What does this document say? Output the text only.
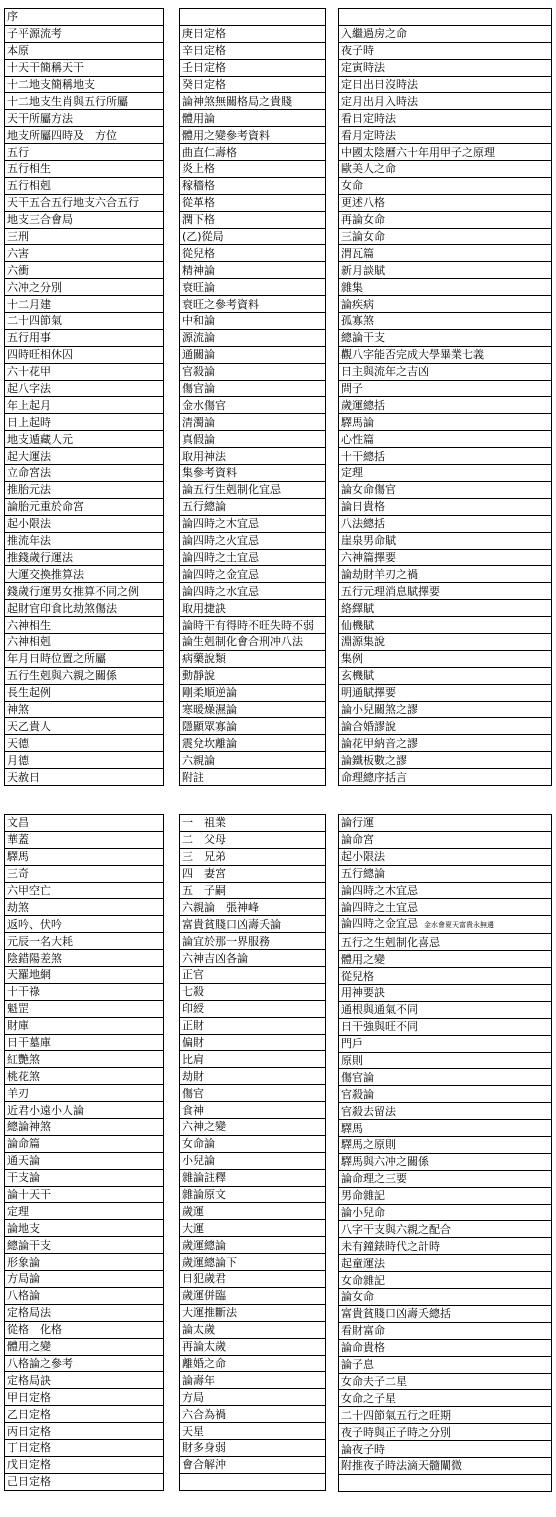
序
子平源流考
本原
十天干簡稱天干
十二地支簡稱地支
十二地支生肖與五行所屬
天干所屬方法
地支所屬四時及　方位
五行
五行相生
五行相剋
天干五合五行地支六合五行
地支三合會局
三刑
六害
六衝
六冲之分別
十二月建
二十四節氣
五行用事
四時旺相休囚
六十花甲
起八字法
年上起月
日上起時
地支遁藏人元
起大運法
立命宮法
推胎元法
論胎元重於命宮
起小限法
推流年法
推錢歲行運法
大運交換推算法
錢歲行運男女推算不同之例
起財官印食比劫煞傷法
六神相生
六神相剋
年月日時位置之所屬
五行生剋與六親之關係
長生起例
神煞
天乙貴人
天德
月德
天赦日

庚日定格
辛日定格
壬日定格
癸日定格
論神煞無關格局之貴賤
體用論
體用之變參考資料
曲直仁壽格
炎上格
稼穡格
從革格
潤下格
(乙)從局
從兒格
精神論
衰旺論
衰旺之參考資料
中和論
源流論
通關論
官殺論
傷官論
金水傷官
清濁論
真假論
取用神法
集參考資料
論五行生剋制化宜忌
五行總論
論四時之木宜忌
論四時之火宜忌
論四時之土宜忌
論四時之金宜忌
論四時之水宜忌
取用捷訣
論時干有得時不旺失時不弱
論生剋制化會合刑冲八法
病藥說類
動靜說
剛柔順逆論
寒暖燥濕論
隱顯眾寡論
震兌坎離論
六親論
附註

入繼過房之命
夜子時
定寅時法
定日出日沒時法
定月出月入時法
看日定時法
看月定時法
中國太陰曆六十年用甲子之原理
歐美人之命
女命
更述八格
再論女命
三論女命
渭瓦篇
新月談賦
雜集
論疾病
孤寡煞
總論干支
觀八字能否完成大學畢業七義
日主與流年之吉凶
問子
歲運總括
驛馬論
心性篇
十干總括
定理
論女命傷官
論日貴格
八法總括
崖泉男命賦
六神篇擇要
論劫財羊刃之禍
五行元理消息賦擇要
絡繹賦
仙機賦
淵源集說
集例
玄機賦
明通賦擇要
論小兒關煞之謬
論合婚謬說
論花甲納音之謬
論鐵板數之謬
命理總序括言
文昌
華蓋
驛馬
三奇
六甲空亡
劫煞
返吟、伏吟
元辰一名大耗
陰錯陽差煞
天羅地網
十干祿
魁罡
財庫
日干墓庫
紅艷煞
桃花煞
羊刃
近君小遠小人論
總論神煞
論命篇
通天論
干支論
論十天干
定理
論地支
總論干支
形象論
方局論
八格論
定格局法
從格　化格
體用之變
八格論之參考
定格局訣
甲日定格
乙日定格
丙日定格
丁日定格
戊日定格
己日定格
一　祖業
二　父母
三　兄弟
四　妻宮
五　子嗣
六親論　張神峰
富貴貧賤口凶壽夭論
論宜於那一界服務
六神吉凶各論
正官
七殺
印綬
正財
偏財
比肩
劫財
傷官
食神
六神之變
女命論
小兒論
雜論註釋
雜論原文
歲運
大運
歲運總論
歲運總論下
日犯歲君
歲運併臨
大運推斷法
論太歲
再論太歲
離婚之命
論壽年
方局
六合為禍
天星
財多身弱
會合解沖

論行運
論命宮
起小限法
五行總論
論四時之木宜忌
論四時之土宜忌
論四時之金宜忌 金水會夏天富貴永無邊
五行之生剋制化喜忌
體用之變
從兒格
用神要訣
通根與通氣不同
日干強與旺不同
門戶
原則
傷官論
官殺論
官殺去留法
驛馬
驛馬之原則
驛馬與六冲之關係
論命理之三要
男命雜記
論小兒命
八字干支與六親之配合
未有鐘錶時代之計時
起童運法
女命雜記
論女命
富貴貧賤口凶壽夭總括
看財富命
論命貴格
論子息
女命夫子二星
女命之子星
二十四節氣五行之旺期
夜子時與正子時之分別
論夜子時
附推夜子時法滴天髓闡微
